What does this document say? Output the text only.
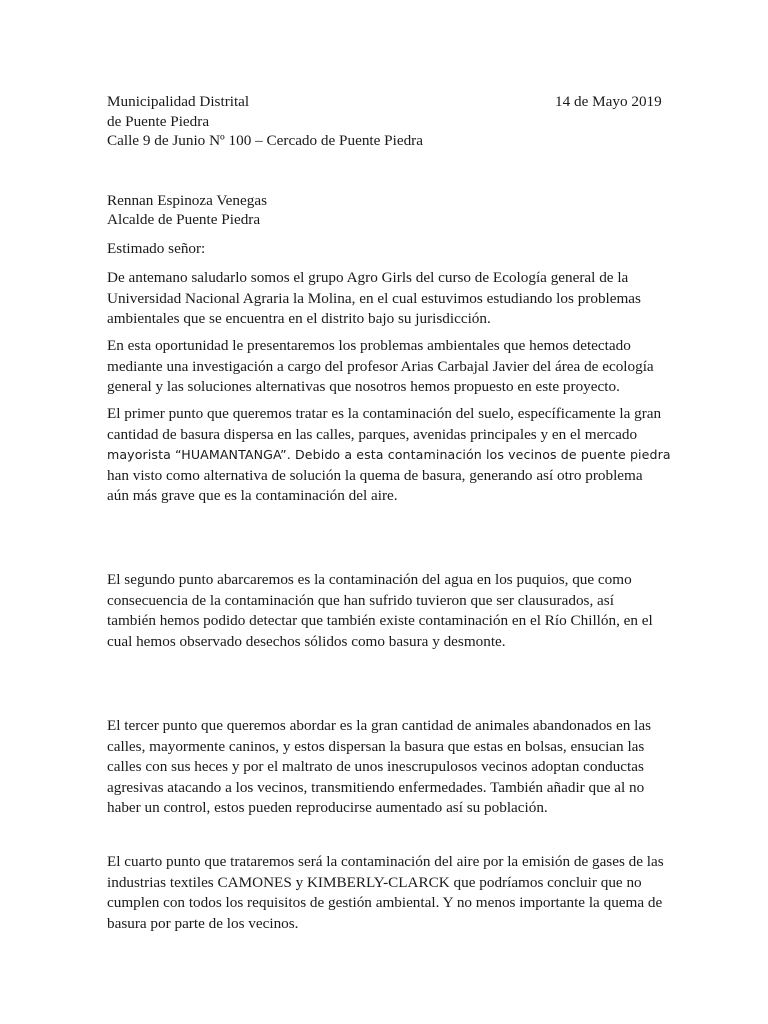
Municipalidad Distrital
de Puente Piedra
Calle 9 de Junio Nº 100 – Cercado de Puente Piedra
14 de Mayo 2019
Rennan Espinoza Venegas
Alcalde de Puente Piedra
Estimado señor:
De antemano saludarlo somos el grupo Agro Girls del curso de Ecología general de la
Universidad Nacional Agraria la Molina, en el cual estuvimos estudiando los problemas
ambientales que se encuentra en el distrito bajo su jurisdicción.
En esta oportunidad le presentaremos los problemas ambientales que hemos detectado
mediante una investigación a cargo del profesor Arias Carbajal Javier del área de ecología
general y las soluciones alternativas que nosotros hemos propuesto en este proyecto.
El primer punto que queremos tratar es la contaminación del suelo, específicamente la gran
cantidad de basura dispersa en las calles, parques, avenidas principales y en el mercado
mayorista “HUAMANTANGA”. Debido a esta contaminación los vecinos de puente piedra
han visto como alternativa de solución la quema de basura, generando así otro problema
aún más grave que es la contaminación del aire.
El segundo punto abarcaremos es la contaminación del agua en los puquios, que como
consecuencia de la contaminación que han sufrido tuvieron que ser clausurados, así
también hemos podido detectar que también existe contaminación en el Río Chillón, en el
cual hemos observado desechos sólidos como basura y desmonte.
El tercer punto que queremos abordar es la gran cantidad de animales abandonados en las
calles, mayormente caninos, y estos dispersan la basura que estas en bolsas, ensucian las
calles con sus heces y por el maltrato de unos inescrupulosos vecinos adoptan conductas
agresivas atacando a los vecinos, transmitiendo enfermedades. También añadir que al no
haber un control, estos pueden reproducirse aumentado así su población.
El cuarto punto que trataremos será la contaminación del aire por la emisión de gases de las
industrias textiles CAMONES y KIMBERLY-CLARCK que podríamos concluir que no
cumplen con todos los requisitos de gestión ambiental. Y no menos importante la quema de
basura por parte de los vecinos.
